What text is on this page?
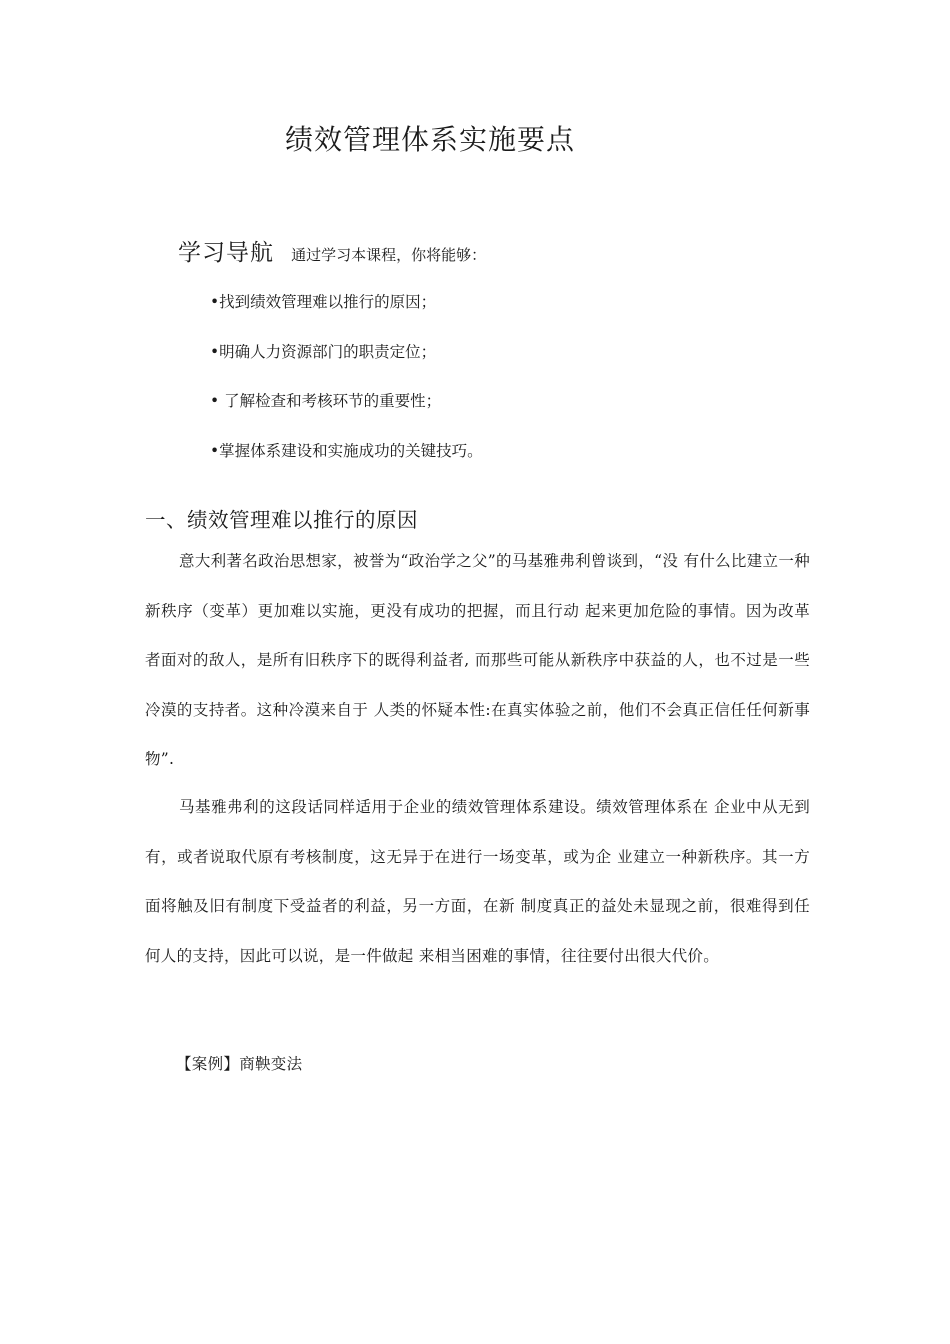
绩效管理体系实施要点
学习导航 通过学习本课程，你将能够：
•找到绩效管理难以推行的原因；
•明确人力资源部门的职责定位；
• 了解检查和考核环节的重要性；
•掌握体系建设和实施成功的关键技巧。
一、绩效管理难以推行的原因

意大利著名政治思想家，被誉为“政治学之父”的马基雅弗利曾谈到，“没 有什么比建立一种新秩序（变革）更加难以实施，更没有成功的把握，而且行动 起来更加危险的事情。因为改革者面对的敌人，是所有旧秩序下的既得利益者, 而那些可能从新秩序中获益的人，也不过是一些冷漠的支持者。这种冷漠来自于 人类的怀疑本性:在真实体验之前，他们不会真正信任任何新事物”.

马基雅弗利的这段话同样适用于企业的绩效管理体系建设。绩效管理体系在 企业中从无到有，或者说取代原有考核制度，这无异于在进行一场变革，或为企 业建立一种新秩序。其一方面将触及旧有制度下受益者的利益，另一方面，在新 制度真正的益处未显现之前，很难得到任何人的支持，因此可以说，是一件做起 来相当困难的事情，往往要付出很大代价。

【案例】商鞅变法
